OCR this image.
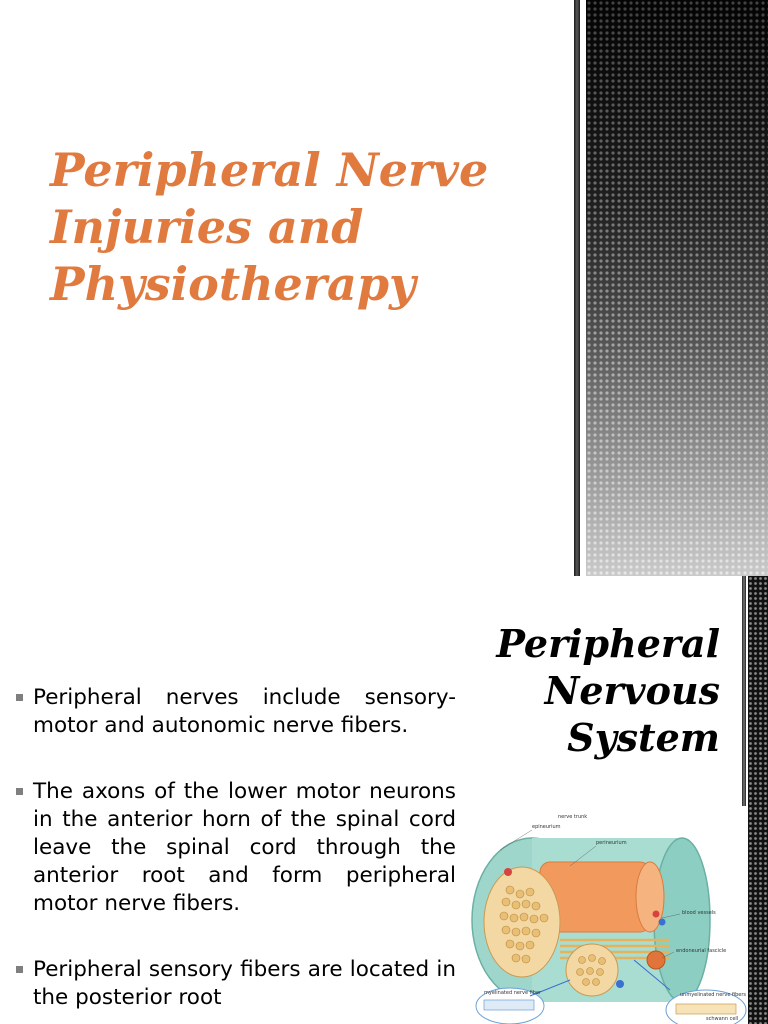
Peripheral Nerve
Injuries and
Physiotherapy
Peripheral
Nervous
System
Peripheral nerves include sensory-motor and autonomic nerve fibers.
The axons of the lower motor neurons in the anterior horn of the spinal cord leave the spinal cord through the anterior root and form peripheral motor nerve fibers.
Peripheral sensory fibers are located in the posterior root
nerve trunk
epineurium
perineurium
blood vessels
endoneurial fascicle
myelinated nerve fiber	unmyelinated nerve fibers
schwann cell
